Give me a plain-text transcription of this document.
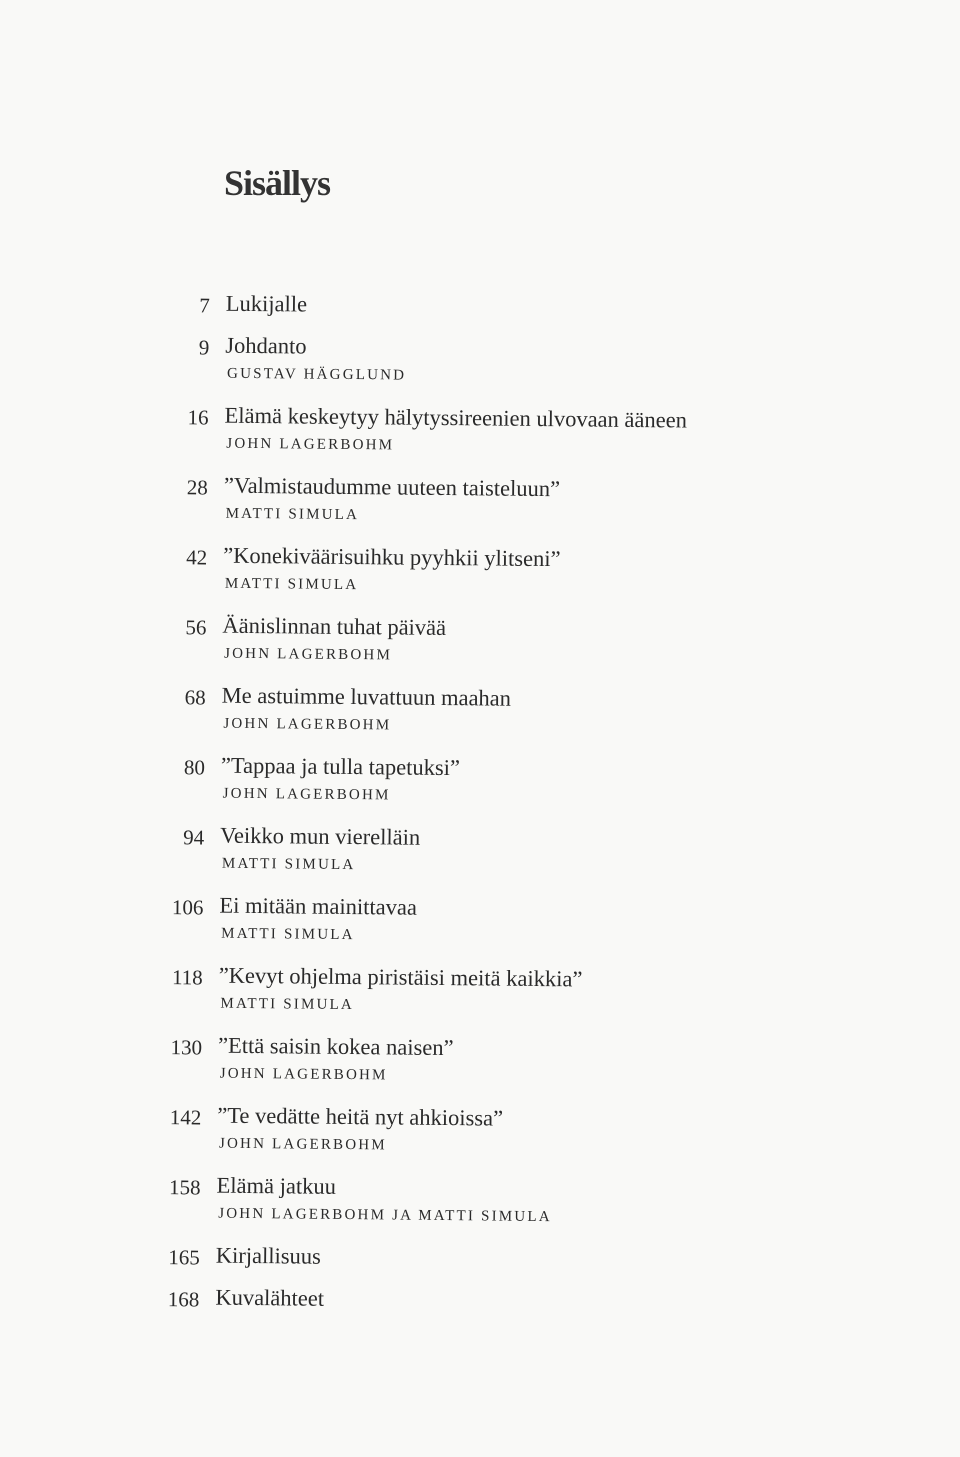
Sisällys
7 Lukijalle
9 Johdanto
GUSTAV HÄGGLUND
16 Elämä keskeytyy hälytyssireenien ulvovaan ääneen
JOHN LAGERBOHM
28 ”Valmistaudumme uuteen taisteluun”
MATTI SIMULA
42 ”Konekiväärisuihku pyyhkii ylitseni”
MATTI SIMULA
56 Äänislinnan tuhat päivää
JOHN LAGERBOHM
68 Me astuimme luvattuun maahan
JOHN LAGERBOHM
80 ”Tappaa ja tulla tapetuksi”
JOHN LAGERBOHM
94 Veikko mun vierelläin
MATTI SIMULA
106 Ei mitään mainittavaa
MATTI SIMULA
118 ”Kevyt ohjelma piristäisi meitä kaikkia”
MATTI SIMULA
130 ”Että saisin kokea naisen”
JOHN LAGERBOHM
142 ”Te vedätte heitä nyt ahkioissa”
JOHN LAGERBOHM
158 Elämä jatkuu
JOHN LAGERBOHM JA MATTI SIMULA
165 Kirjallisuus
168 Kuvalähteet
